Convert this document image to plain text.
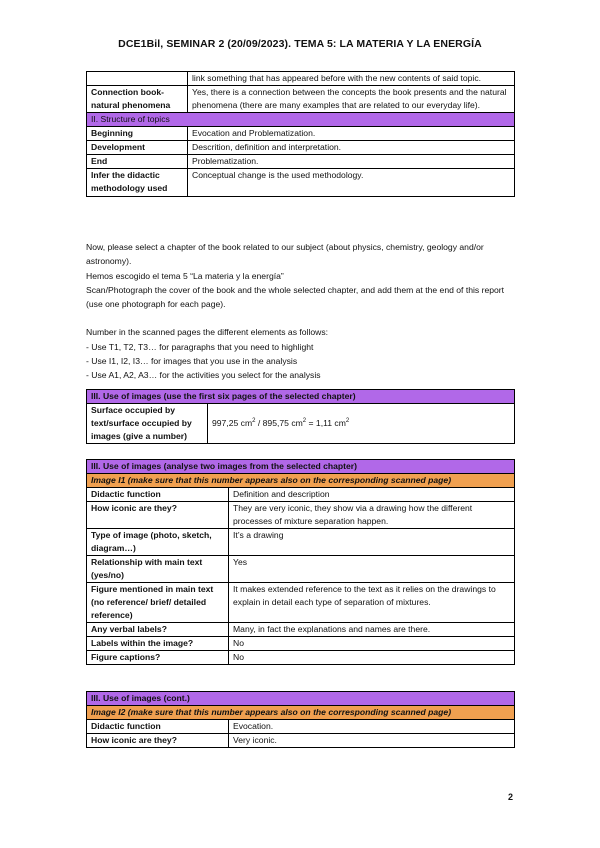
DCE1Bil, SEMINAR 2 (20/09/2023). TEMA 5: LA MATERIA Y LA ENERGÍA
	link something that has appeared before with the new contents of said topic.
Connection book-natural phenomena	Yes, there is a connection between the concepts the book presents and the natural phenomena (there are many examples that are related to our everyday life).
II. Structure of topics	
Beginning	Evocation and Problematization.
Development	Descrition, definition and interpretation.
End	Problematization.
Infer the didactic methodology used	Conceptual change is the used methodology.

Now, please select a chapter of the book related to our subject (about physics, chemistry, geology and/or astronomy).

Hemos escogido el tema 5 “La materia y la energía”

Scan/Photograph the cover of the book and the whole selected chapter, and add them at the end of this report (use one photograph for each page).

Number in the scanned pages the different elements as follows:

- Use T1, T2, T3… for paragraphs that you need to highlight

- Use I1, I2, I3… for images that you use in the analysis

- Use A1, A2, A3… for the activities you select for the analysis

III. Use of images (use the first six pages of the selected chapter)
Surface occupied by text/surface occupied by images (give a number)	997,25 $cm^2 / 895,75$ $cm^2 = 1,11$ $cm^2$
III. Use of images (analyse two images from the selected chapter)	
Image I1 (make sure that this number appears also on the corresponding scanned page)	
Didactic function	Definition and description
How iconic are they?	They are very iconic, they show via a drawing how the different processes of mixture separation happen.
Type of image (photo, sketch, diagram…)	It’s a drawing
Relationship with main text (yes/no)	Yes
Figure mentioned in main text (no reference/ brief/ detailed reference)	It makes extended reference to the text as it relies on the drawings to explain in detail each type of separation of mixtures.
Any verbal labels?	Many, in fact the explanations and names are there.
Labels within the image?	No
Figure captions?	No
III. Use of images (cont.)	
Image I2 (make sure that this number appears also on the corresponding scanned page)	
Didactic function	Evocation.
How iconic are they?	Very iconic.
2
